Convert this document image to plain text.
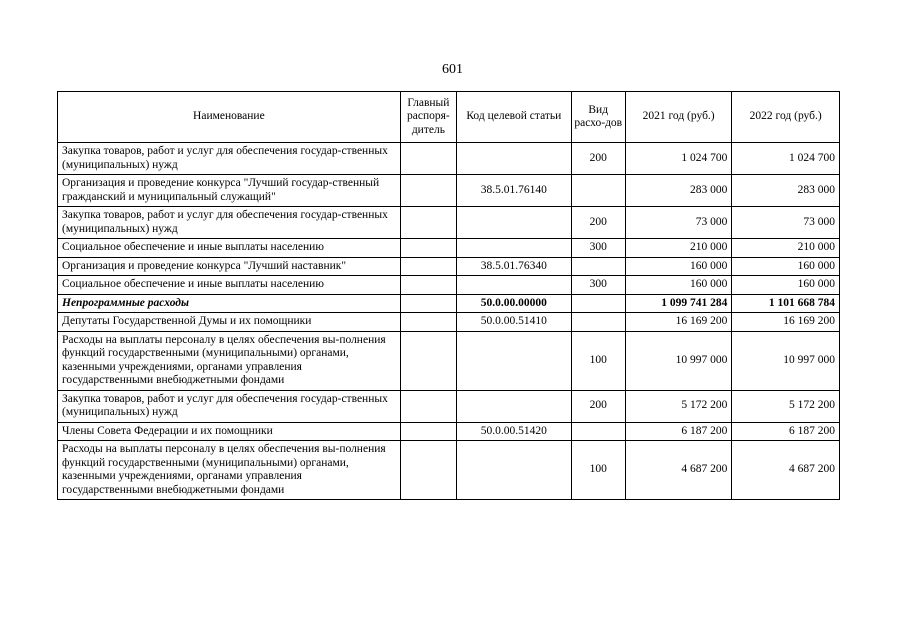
601
Наименование	Главный распоря-дитель	Код целевой статьи	Вид расхо-дов	2021 год (руб.)	2022 год (руб.)
Закупка товаров, работ и услуг для обеспечения государ-ственных (муниципальных) нужд			200	1 024 700	1 024 700
Организация и проведение конкурса "Лучший государ-ственный гражданский и муниципальный служащий"		38.5.01.76140		283 000	283 000
Закупка товаров, работ и услуг для обеспечения государ-ственных (муниципальных) нужд			200	73 000	73 000
Социальное обеспечение и иные выплаты населению			300	210 000	210 000
Организация и проведение конкурса "Лучший наставник"		38.5.01.76340		160 000	160 000
Социальное обеспечение и иные выплаты населению			300	160 000	160 000
Непрограммные расходы		50.0.00.00000		1 099 741 284	1 101 668 784
Депутаты Государственной Думы и их помощники		50.0.00.51410		16 169 200	16 169 200
Расходы на выплаты персоналу в целях обеспечения вы-полнения функций государственными (муниципальными) органами, казенными учреждениями, органами управления государственными внебюджетными фондами			100	10 997 000	10 997 000
Закупка товаров, работ и услуг для обеспечения государ-ственных (муниципальных) нужд			200	5 172 200	5 172 200
Члены Совета Федерации и их помощники		50.0.00.51420		6 187 200	6 187 200
Расходы на выплаты персоналу в целях обеспечения вы-полнения функций государственными (муниципальными) органами, казенными учреждениями, органами управления государственными внебюджетными фондами			100	4 687 200	4 687 200
